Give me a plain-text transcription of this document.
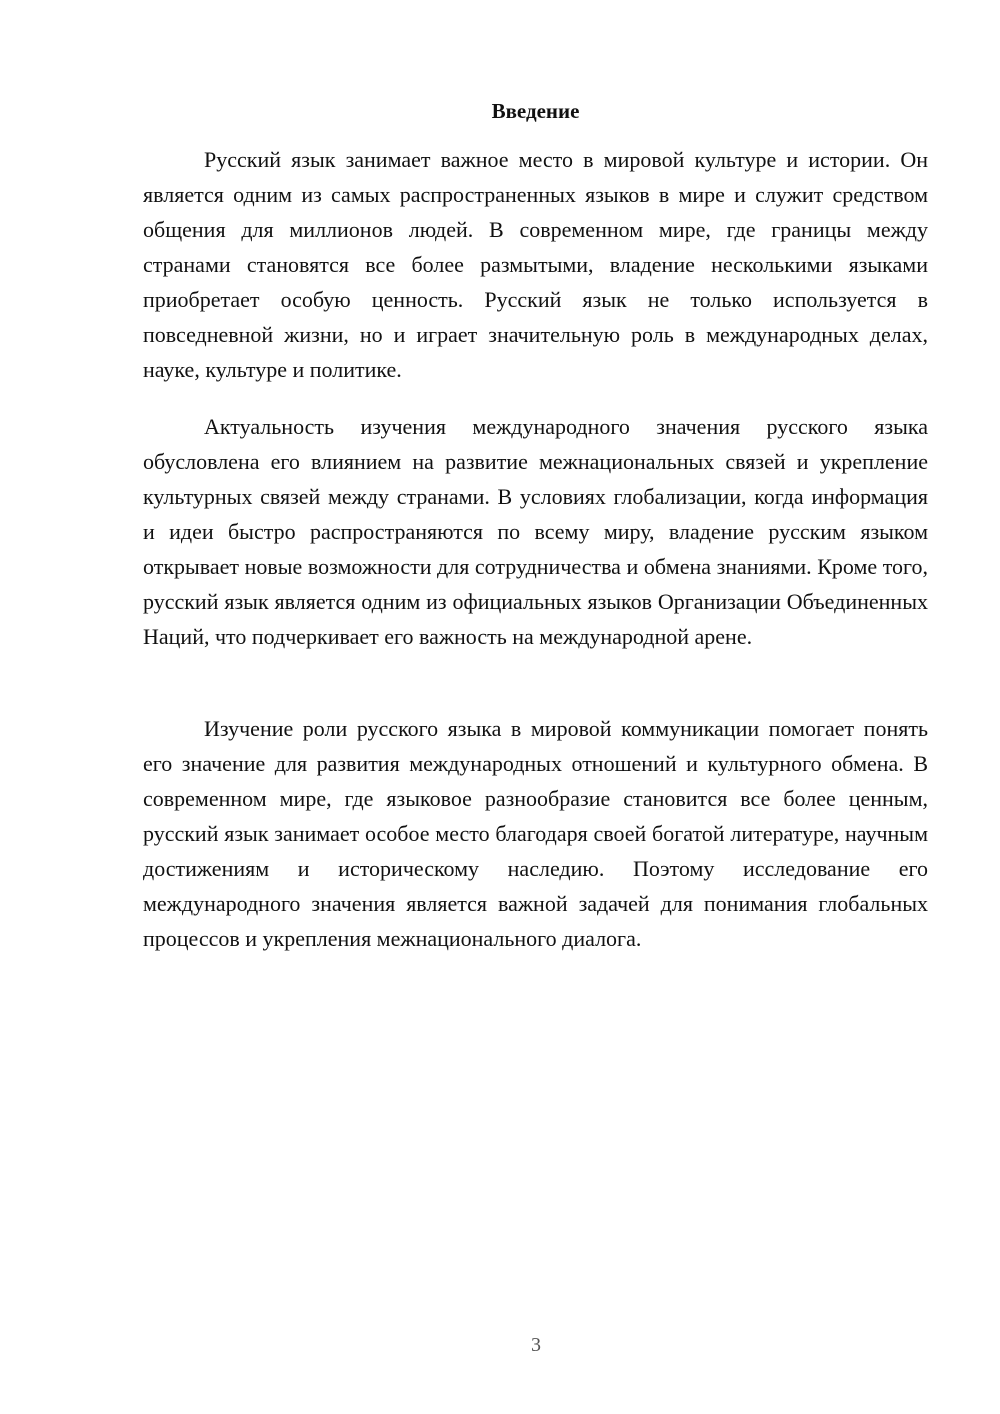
Введение

Русский язык занимает важное место в мировой культуре и истории. Он является одним из самых распространенных языков в мире и служит средством общения для миллионов людей. В современном мире, где границы между странами становятся все более размытыми, владение несколькими языками приобретает особую ценность. Русский язык не только используется в повседневной жизни, но и играет значительную роль в международных делах, науке, культуре и политике.

Актуальность изучения международного значения русского языка обусловлена его влиянием на развитие межнациональных связей и укрепление культурных связей между странами. В условиях глобализации, когда информация и идеи быстро распространяются по всему миру, владение русским языком открывает новые возможности для сотрудничества и обмена знаниями. Кроме того, русский язык является одним из официальных языков Организации Объединенных Наций, что подчеркивает его важность на международной арене.

Изучение роли русского языка в мировой коммуникации помогает понять его значение для развития международных отношений и культурного обмена. В современном мире, где языковое разнообразие становится все более ценным, русский язык занимает особое место благодаря своей богатой литературе, научным достижениям и историческому наследию. Поэтому исследование его международного значения является важной задачей для понимания глобальных процессов и укрепления межнационального диалога.

3
